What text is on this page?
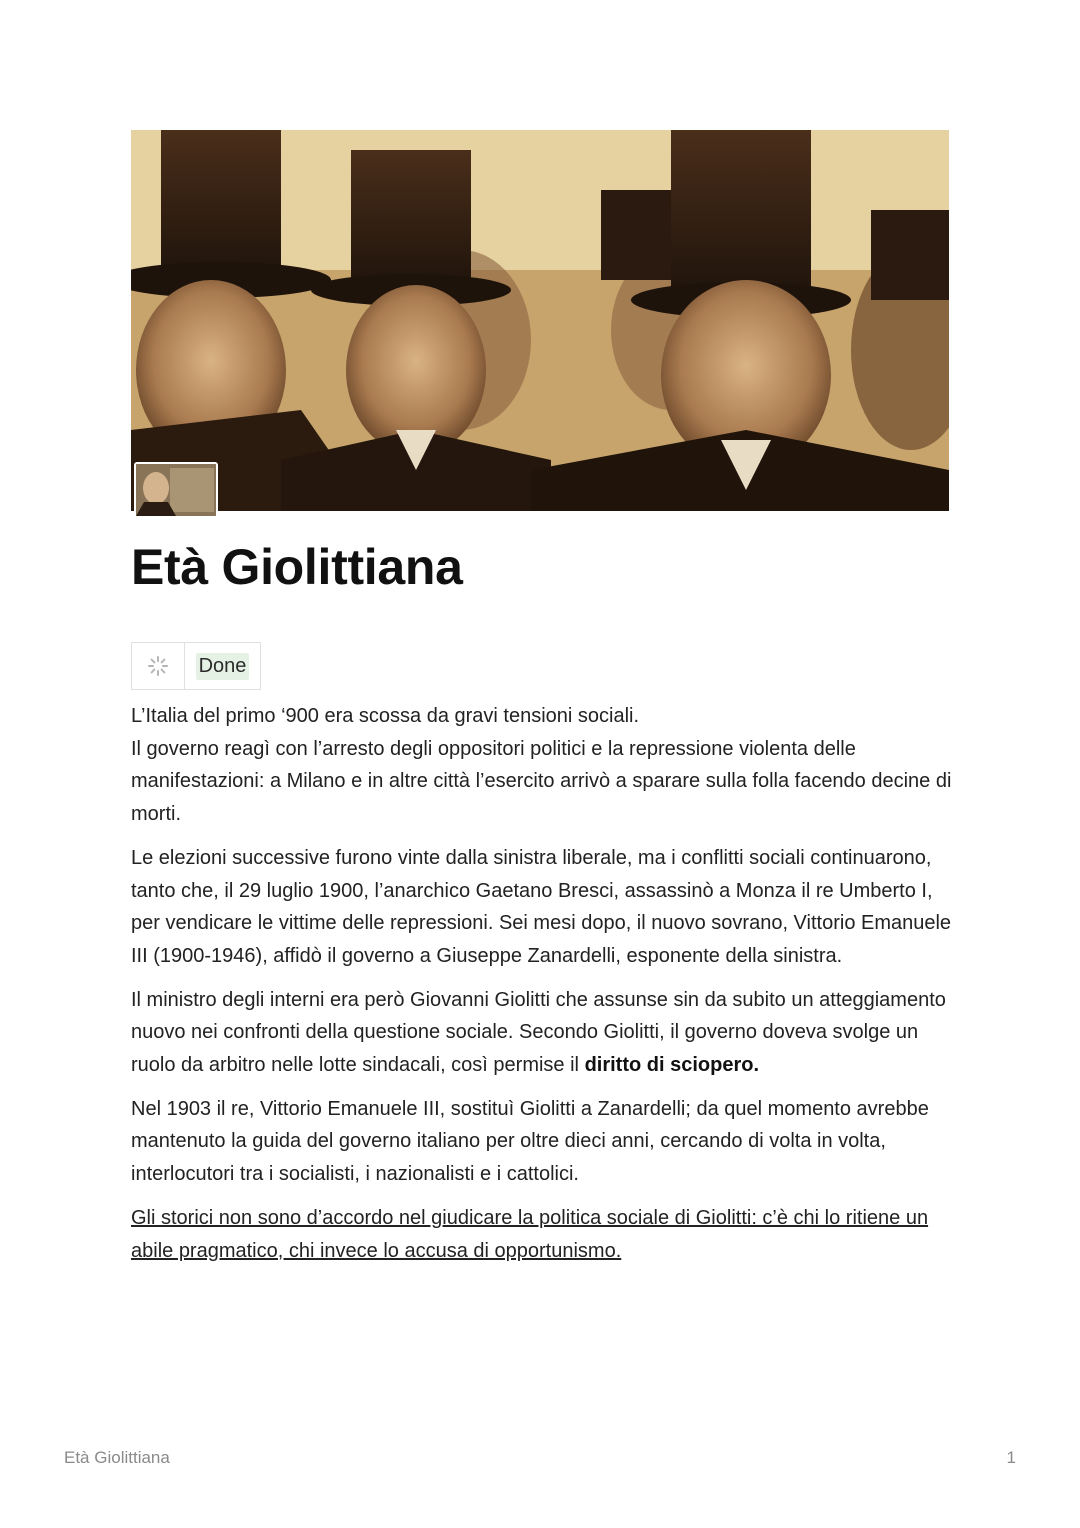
Età Giolittiana
Done

L’Italia del primo ‘900 era scossa da gravi tensioni sociali.
Il governo reagì con l’arresto degli oppositori politici e la repressione violenta delle manifestazioni: a Milano e in altre città l’esercito arrivò a sparare sulla folla facendo decine di morti.

Le elezioni successive furono vinte dalla sinistra liberale, ma i conflitti sociali continuarono, tanto che, il 29 luglio 1900, l’anarchico Gaetano Bresci, assassinò a Monza il re Umberto I, per vendicare le vittime delle repressioni. Sei mesi dopo, il nuovo sovrano, Vittorio Emanuele III (1900-1946), affidò il governo a Giuseppe Zanardelli, esponente della sinistra.

Il ministro degli interni era però Giovanni Giolitti che assunse sin da subito un atteggiamento nuovo nei confronti della questione sociale. Secondo Giolitti, il governo doveva svolge un ruolo da arbitro nelle lotte sindacali, così permise il diritto di sciopero.

Nel 1903 il re, Vittorio Emanuele III, sostituì Giolitti a Zanardelli; da quel momento avrebbe mantenuto la guida del governo italiano per oltre dieci anni, cercando di volta in volta, interlocutori tra i socialisti, i nazionalisti e i cattolici.

Gli storici non sono d’accordo nel giudicare la politica sociale di Giolitti: c’è chi lo ritiene un abile pragmatico, chi invece lo accusa di opportunismo.

Età Giolittiana	1
